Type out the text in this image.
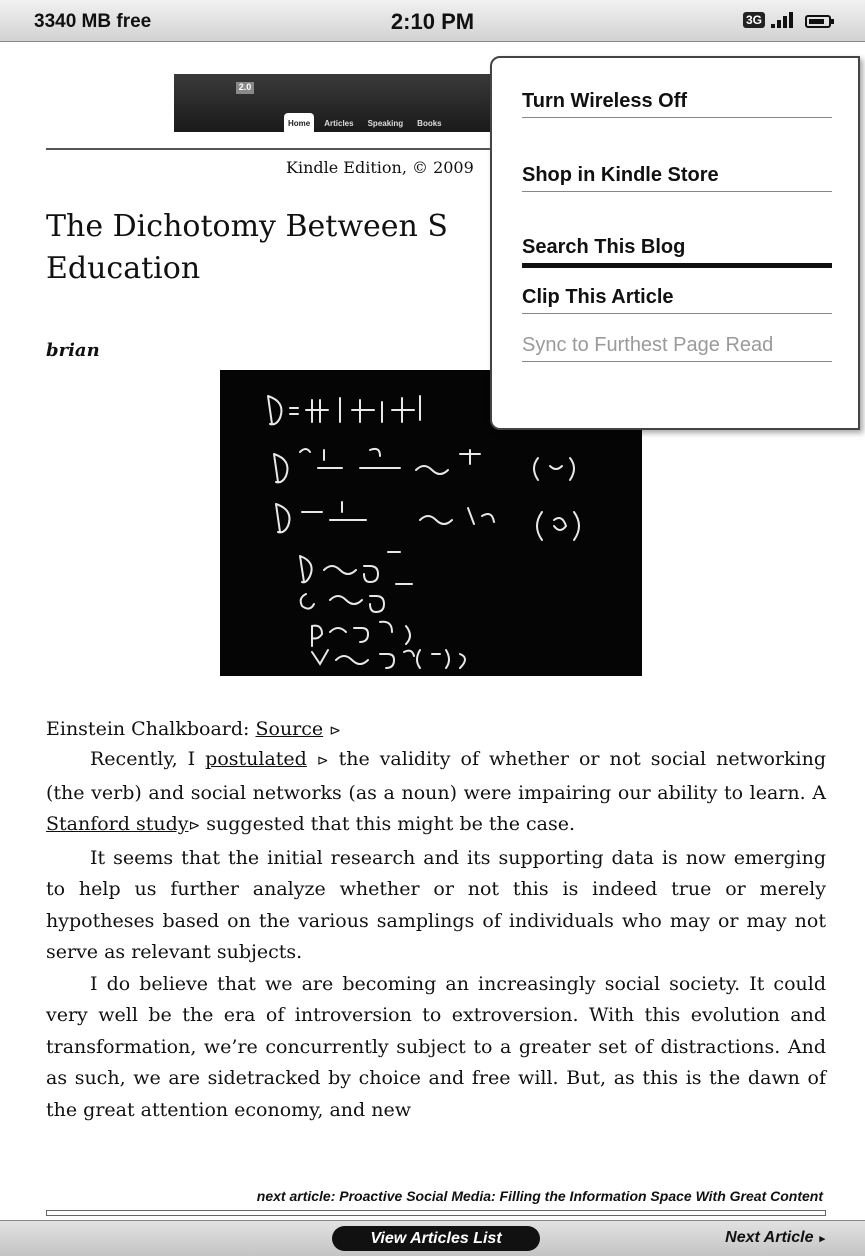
3340 MB free	2:10 PM	3G
2.0
Home	Articles	Speaking	Books
Kindle Edition, © 2009
The Dichotomy Between S
Education
brian
Einstein Chalkboard: Source ⊳

Recently, I postulated ⊳ the validity of whether or not social networking (the verb) and social networks (as a noun) were impairing our ability to learn. A Stanford study⊳ suggested that this might be the case.

It seems that the initial research and its supporting data is now emerging to help us further analyze whether or not this is indeed true or merely hypotheses based on the various samplings of individuals who may or may not serve as relevant subjects.

I do believe that we are becoming an increasingly social society. It could very well be the era of introversion to extroversion. With this evolution and transformation, we’re concurrently subject to a greater set of distractions. And as such, we are sidetracked by choice and free will. But, as this is the dawn of the great attention economy, and new

next article: Proactive Social Media: Filling the Information Space With Great Content
View Articles List	Next Article ▸
Turn Wireless Off
Shop in Kindle Store
Search This Blog
Clip This Article
Sync to Furthest Page Read
